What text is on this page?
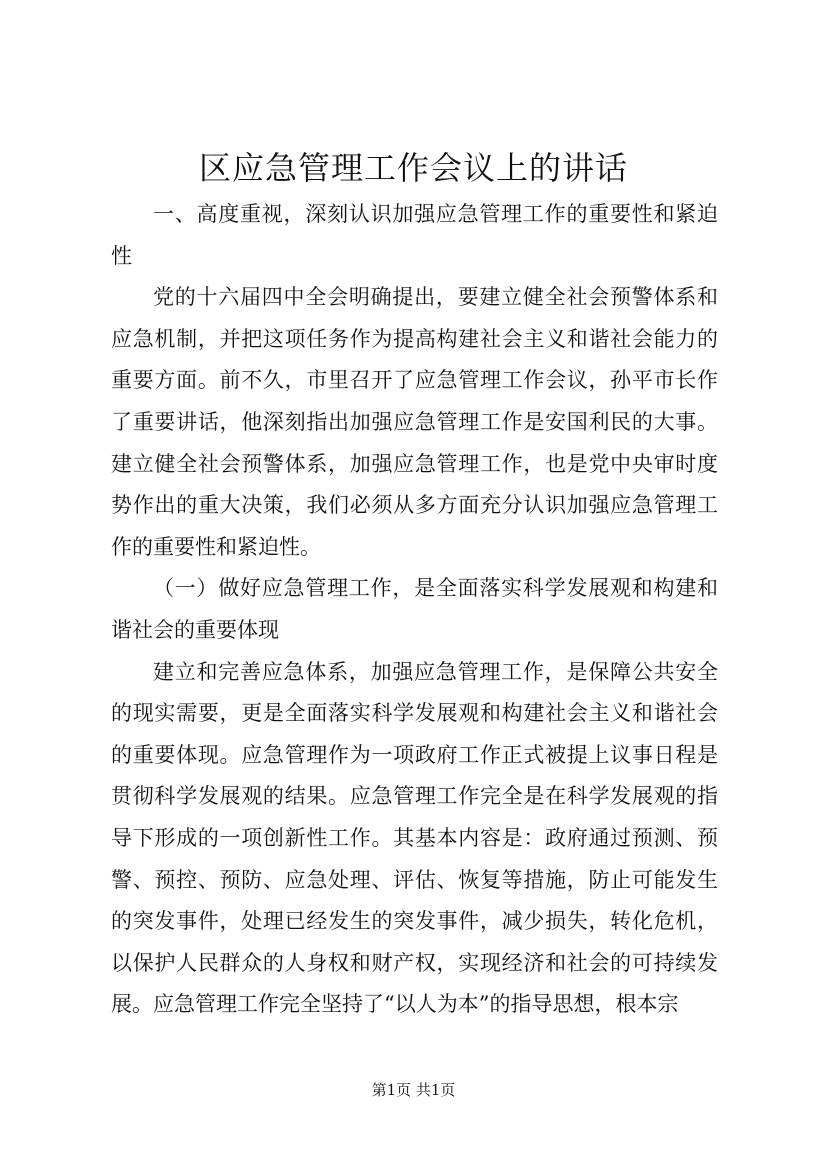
区应急管理工作会议上的讲话

一、高度重视，深刻认识加强应急管理工作的重要性和紧迫性

党的十六届四中全会明确提出，要建立健全社会预警体系和应急机制，并把这项任务作为提高构建社会主义和谐社会能力的重要方面。前不久，市里召开了应急管理工作会议，孙平市长作了重要讲话，他深刻指出加强应急管理工作是安国利民的大事。建立健全社会预警体系，加强应急管理工作，也是党中央审时度势作出的重大决策，我们必须从多方面充分认识加强应急管理工作的重要性和紧迫性。

（一）做好应急管理工作，是全面落实科学发展观和构建和谐社会的重要体现

建立和完善应急体系，加强应急管理工作，是保障公共安全的现实需要，更是全面落实科学发展观和构建社会主义和谐社会的重要体现。应急管理作为一项政府工作正式被提上议事日程是贯彻科学发展观的结果。应急管理工作完全是在科学发展观的指导下形成的一项创新性工作。其基本内容是：政府通过预测、预警、预控、预防、应急处理、评估、恢复等措施，防止可能发生的突发事件，处理已经发生的突发事件，减少损失，转化危机，以保护人民群众的人身权和财产权，实现经济和社会的可持续发展。应急管理工作完全坚持了“以人为本”的指导思想，根本宗

第1页 共1页
